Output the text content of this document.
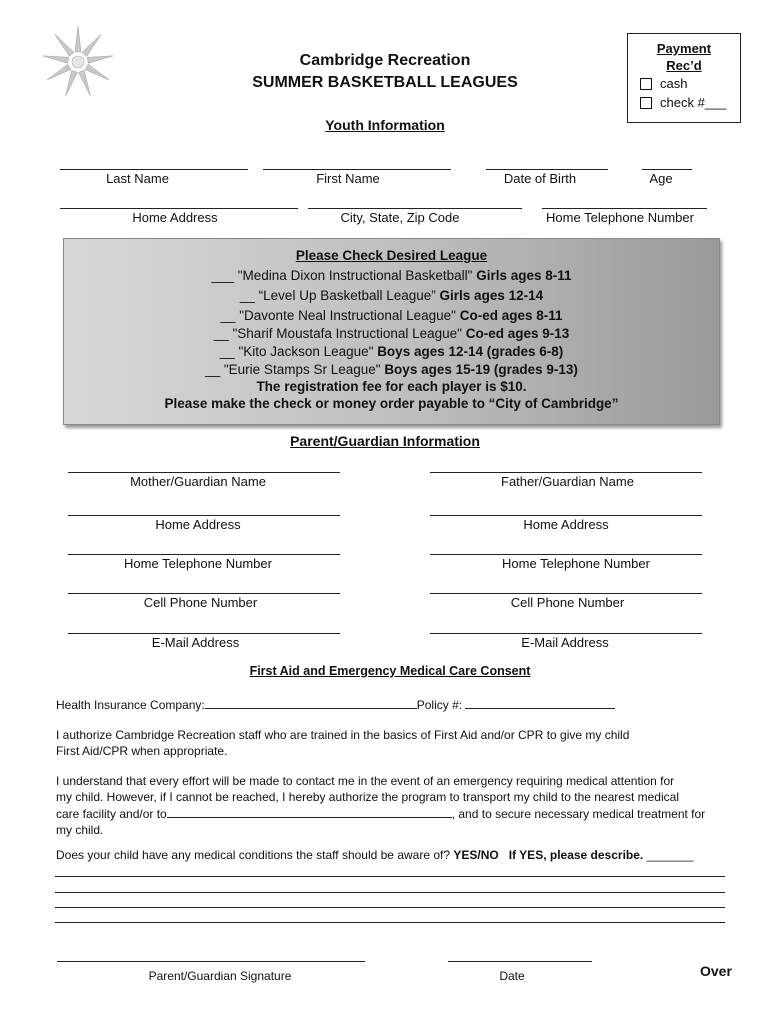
Cambridge Recreation
SUMMER BASKETBALL LEAGUES
Payment
Rec’d
cash
check #___
Youth Information
Last Name	First Name	Date of Birth	Age
Home Address	City, State, Zip Code	Home Telephone Number
Please Check Desired League
___ "Medina Dixon Instructional Basketball" Girls ages 8-11
__ “Level Up Basketball League” Girls ages 12-14
__ "Davonte Neal Instructional League" Co-ed ages 8-11
__ "Sharif Moustafa Instructional League" Co-ed ages 9-13
__ "Kito Jackson League" Boys ages 12-14 (grades 6-8)
__ "Eurie Stamps Sr League" Boys ages 15-19 (grades 9-13)
The registration fee for each player is $10.
Please make the check or money order payable to “City of Cambridge”
Parent/Guardian Information
Mother/Guardian Name	Father/Guardian Name
Home Address	Home Address
Home Telephone Number	Home Telephone Number
Cell Phone Number	Cell Phone Number
E-Mail Address	E-Mail Address
First Aid and Emergency Medical Care Consent
Health Insurance Company:	Policy #:
I authorize Cambridge Recreation staff who are trained in the basics of First Aid and/or CPR to give my child
First Aid/CPR when appropriate.
I understand that every effort will be made to contact me in the event of an emergency requiring medical attention for
my child. However, if I cannot be reached, I hereby authorize the program to transport my child to the nearest medical
care facility and/or to	, and to secure necessary medical treatment for
my child.
Does your child have any medical conditions the staff should be aware of? YES/NO If YES, please describe. _______
Parent/Guardian Signature	Date	Over
